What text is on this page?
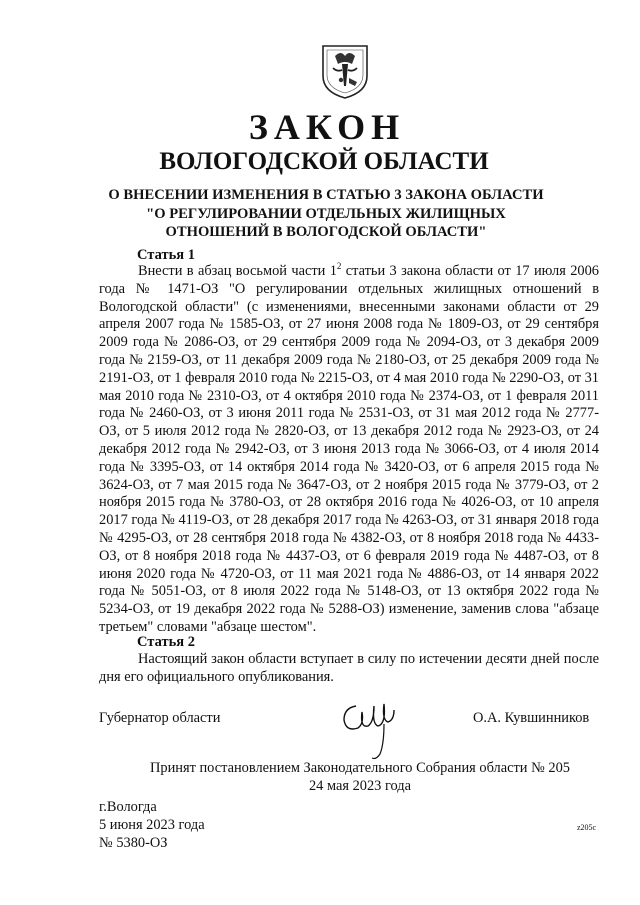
ЗАКОН
ВОЛОГОДСКОЙ ОБЛАСТИ
О ВНЕСЕНИИ ИЗМЕНЕНИЯ В СТАТЬЮ 3 ЗАКОНА ОБЛАСТИ
"О РЕГУЛИРОВАНИИ ОТДЕЛЬНЫХ ЖИЛИЩНЫХ
ОТНОШЕНИЙ В ВОЛОГОДСКОЙ ОБЛАСТИ"
Статья 1
Внести в абзац восьмой части $1^2$ статьи 3 закона области от 17 июля 2006 года № 1471-ОЗ "О регулировании отдельных жилищных отношений в Вологодской области" (с изменениями, внесенными законами области от 29 апреля 2007 года № 1585-ОЗ, от 27 июня 2008 года № 1809-ОЗ, от 29 сентября 2009 года № 2086-ОЗ, от 29 сентября 2009 года № 2094-ОЗ, от 3 декабря 2009 года № 2159-ОЗ, от 11 декабря 2009 года № 2180-ОЗ, от 25 декабря 2009 года № 2191-ОЗ, от 1 февраля 2010 года № 2215-ОЗ, от 4 мая 2010 года № 2290-ОЗ, от 31 мая 2010 года № 2310-ОЗ, от 4 октября 2010 года № 2374-ОЗ, от 1 февраля 2011 года № 2460-ОЗ, от 3 июня 2011 года № 2531-ОЗ, от 31 мая 2012 года № 2777-ОЗ, от 5 июля 2012 года № 2820-ОЗ, от 13 декабря 2012 года № 2923-ОЗ, от 24 декабря 2012 года № 2942-ОЗ, от 3 июня 2013 года № 3066-ОЗ, от 4 июля 2014 года № 3395-ОЗ, от 14 октября 2014 года № 3420-ОЗ, от 6 апреля 2015 года № 3624-ОЗ, от 7 мая 2015 года № 3647-ОЗ, от 2 ноября 2015 года № 3779-ОЗ, от 2 ноября 2015 года № 3780-ОЗ, от 28 октября 2016 года № 4026-ОЗ, от 10 апреля 2017 года № 4119-ОЗ, от 28 декабря 2017 года № 4263-ОЗ, от 31 января 2018 года № 4295-ОЗ, от 28 сентября 2018 года № 4382-ОЗ, от 8 ноября 2018 года № 4433-ОЗ, от 8 ноября 2018 года № 4437-ОЗ, от 6 февраля 2019 года № 4487-ОЗ, от 8 июня 2020 года № 4720-ОЗ, от 11 мая 2021 года № 4886-ОЗ, от 14 января 2022 года № 5051-ОЗ, от 8 июля 2022 года № 5148-ОЗ, от 13 октября 2022 года № 5234-ОЗ, от 19 декабря 2022 года № 5288-ОЗ) изменение, заменив слова "абзаце третьем" словами "абзаце шестом".
Статья 2
Настоящий закон области вступает в силу по истечении десяти дней после дня его официального опубликования.
Губернатор области	О.А. Кувшинников
Принят постановлением Законодательного Собрания области № 205
24 мая 2023 года
г.Вологда
5 июня 2023 года
№ 5380-ОЗ
z205c
